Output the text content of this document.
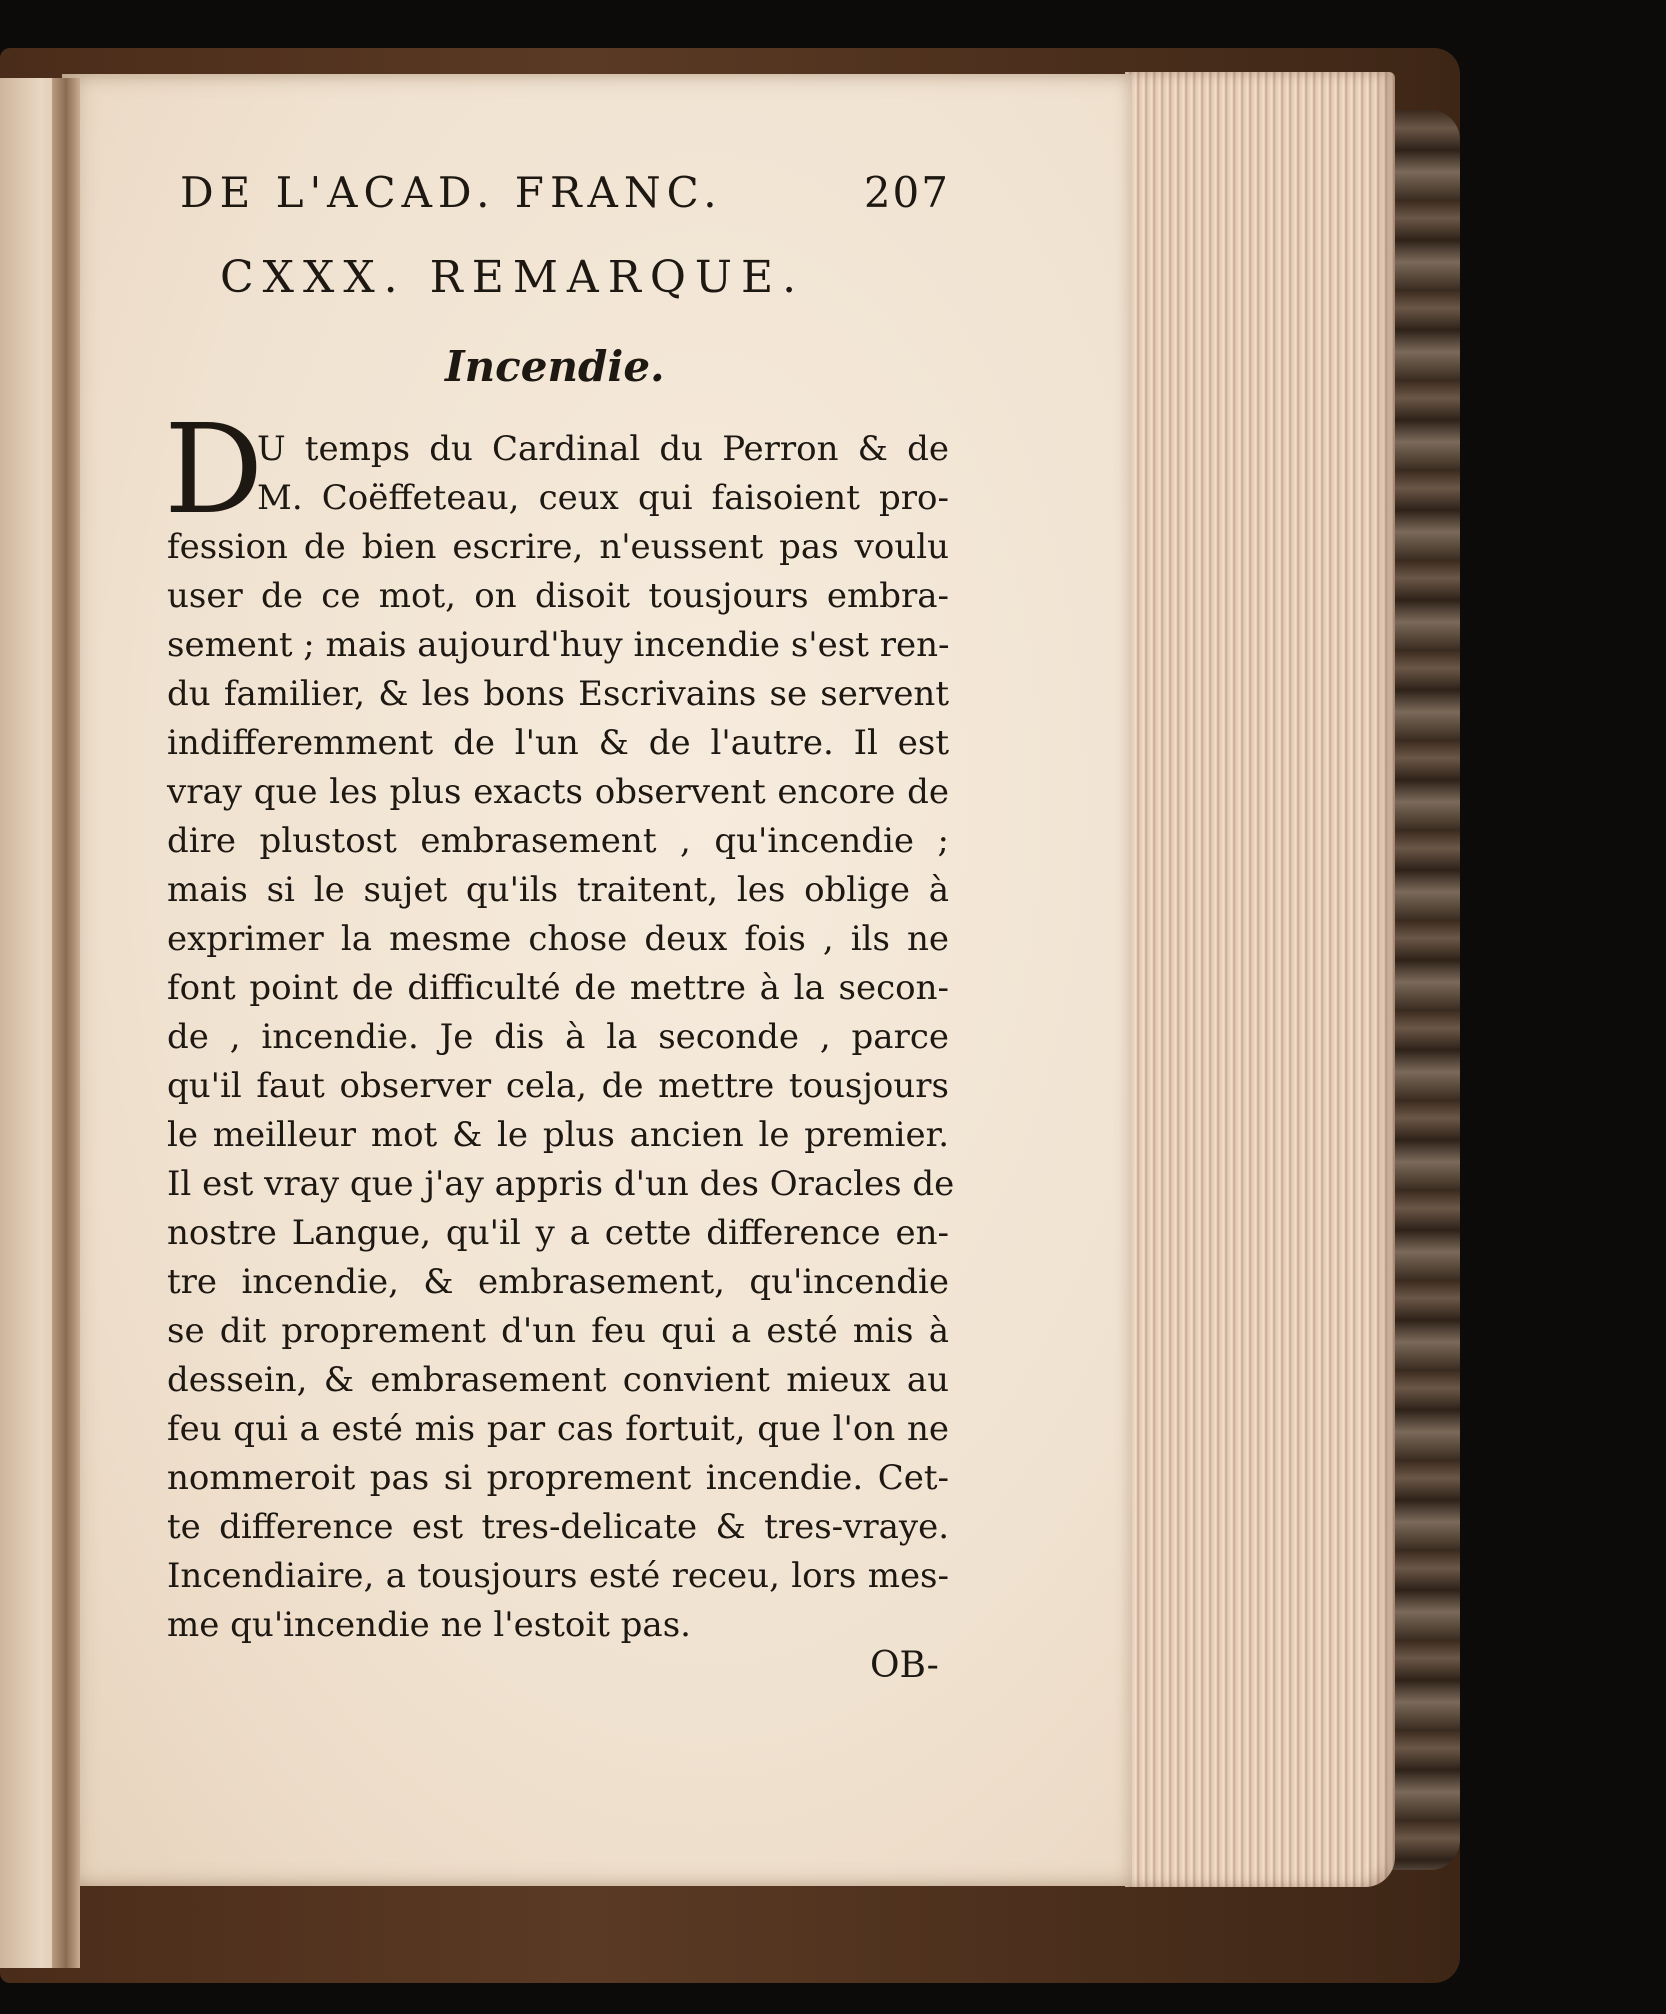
DE L'ACAD. FRANC.	207
CXXX. REMARQUE.
Incendie.
D
U temps du Cardinal du Perron & de
M. Coëffeteau, ceux qui faisoient pro-
fession de bien escrire, n'eussent pas voulu
user de ce mot, on disoit tousjours embra-
sement ; mais aujourd'huy incendie s'est ren-
du familier, & les bons Escrivains se servent
indifferemment de l'un & de l'autre. Il est
vray que les plus exacts observent encore de
dire plustost embrasement , qu'incendie ;
mais si le sujet qu'ils traitent, les oblige à
exprimer la mesme chose deux fois , ils ne
font point de difficulté de mettre à la secon-
de , incendie. Je dis à la seconde , parce
qu'il faut observer cela, de mettre tousjours
le meilleur mot & le plus ancien le premier.
Il est vray que j'ay appris d'un des Oracles de
nostre Langue, qu'il y a cette difference en-
tre incendie, & embrasement, qu'incendie
se dit proprement d'un feu qui a esté mis à
dessein, & embrasement convient mieux au
feu qui a esté mis par cas fortuit, que l'on ne
nommeroit pas si proprement incendie. Cet-
te difference est tres-delicate & tres-vraye.
Incendiaire, a tousjours esté receu, lors mes-
me qu'incendie ne l'estoit pas.
OB-
